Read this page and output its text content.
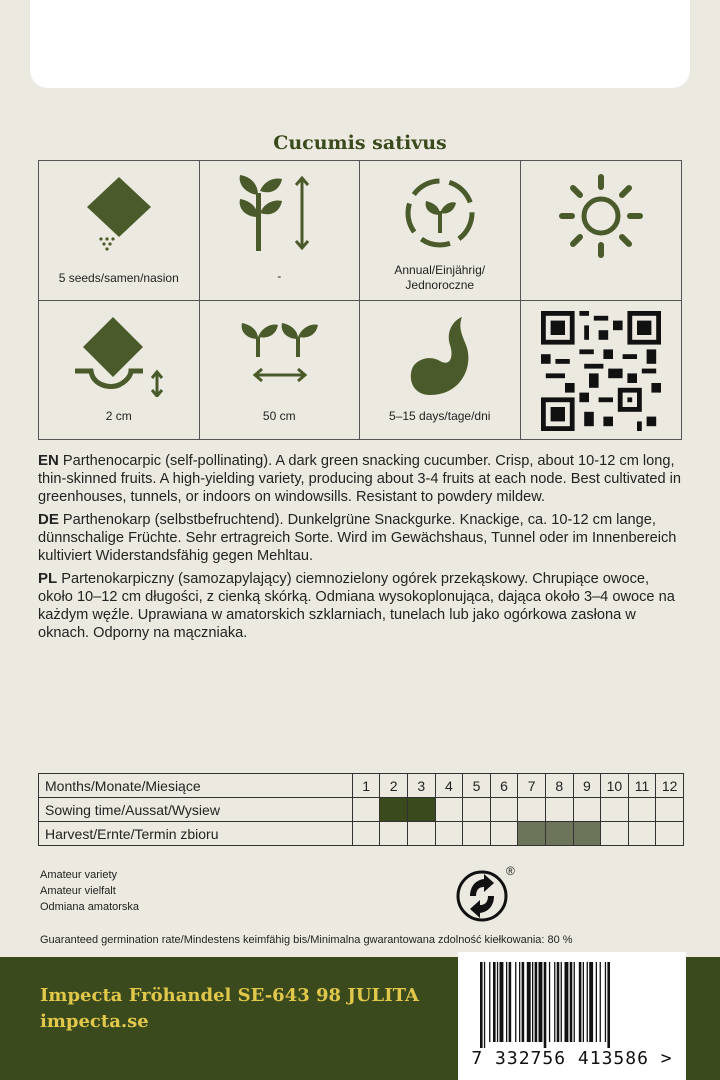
Cucumis sativus
5 seeds/samen/nasion	-	Annual/Einjährig/
Jednoroczne
2 cm	50 cm	5–15 days/tage/dni

EN Parthenocarpic (self-pollinating). A dark green snacking cucumber. Crisp, about 10-12 cm long, thin-skinned fruits. A high-yielding variety, producing about 3-4 fruits at each node. Best cultivated in greenhouses, tunnels, or indoors on windowsills. Resistant to powdery mildew.

DE Parthenokarp (selbstbefruchtend). Dunkelgrüne Snackgurke. Knackige, ca. 10-12 cm lange, dünnschalige Früchte. Sehr ertragreich Sorte. Wird im Gewächshaus, Tunnel oder im Innenbereich kultiviert Widerstandsfähig gegen Mehltau.

PL Partenokarpiczny (samozapylający) ciemnozielony ogórek przekąskowy. Chrupiące owoce, około 10–12 cm długości, z cienką skórką. Odmiana wysokoplonująca, dająca około 3–4 owoce na każdym węźle. Uprawiana w amatorskich szklarniach, tunelach lub jako ogórkowa zasłona w oknach. Odporny na mączniaka.

Months/Monate/Miesiące	1	2	3	4	5	6	7	8	9	10	11	12
Sowing time/Aussat/Wysiew												
Harvest/Ernte/Termin zbioru												
Amateur variety
Amateur vielfalt
Odmiana amatorska
®
Guaranteed germination rate/Mindestens keimfähig bis/Minimalna gwarantowana zdolność kiełkowania: 80 %
Impecta Fröhandel SE-643 98 JULITA
impecta.se
7 332756 413586 >
